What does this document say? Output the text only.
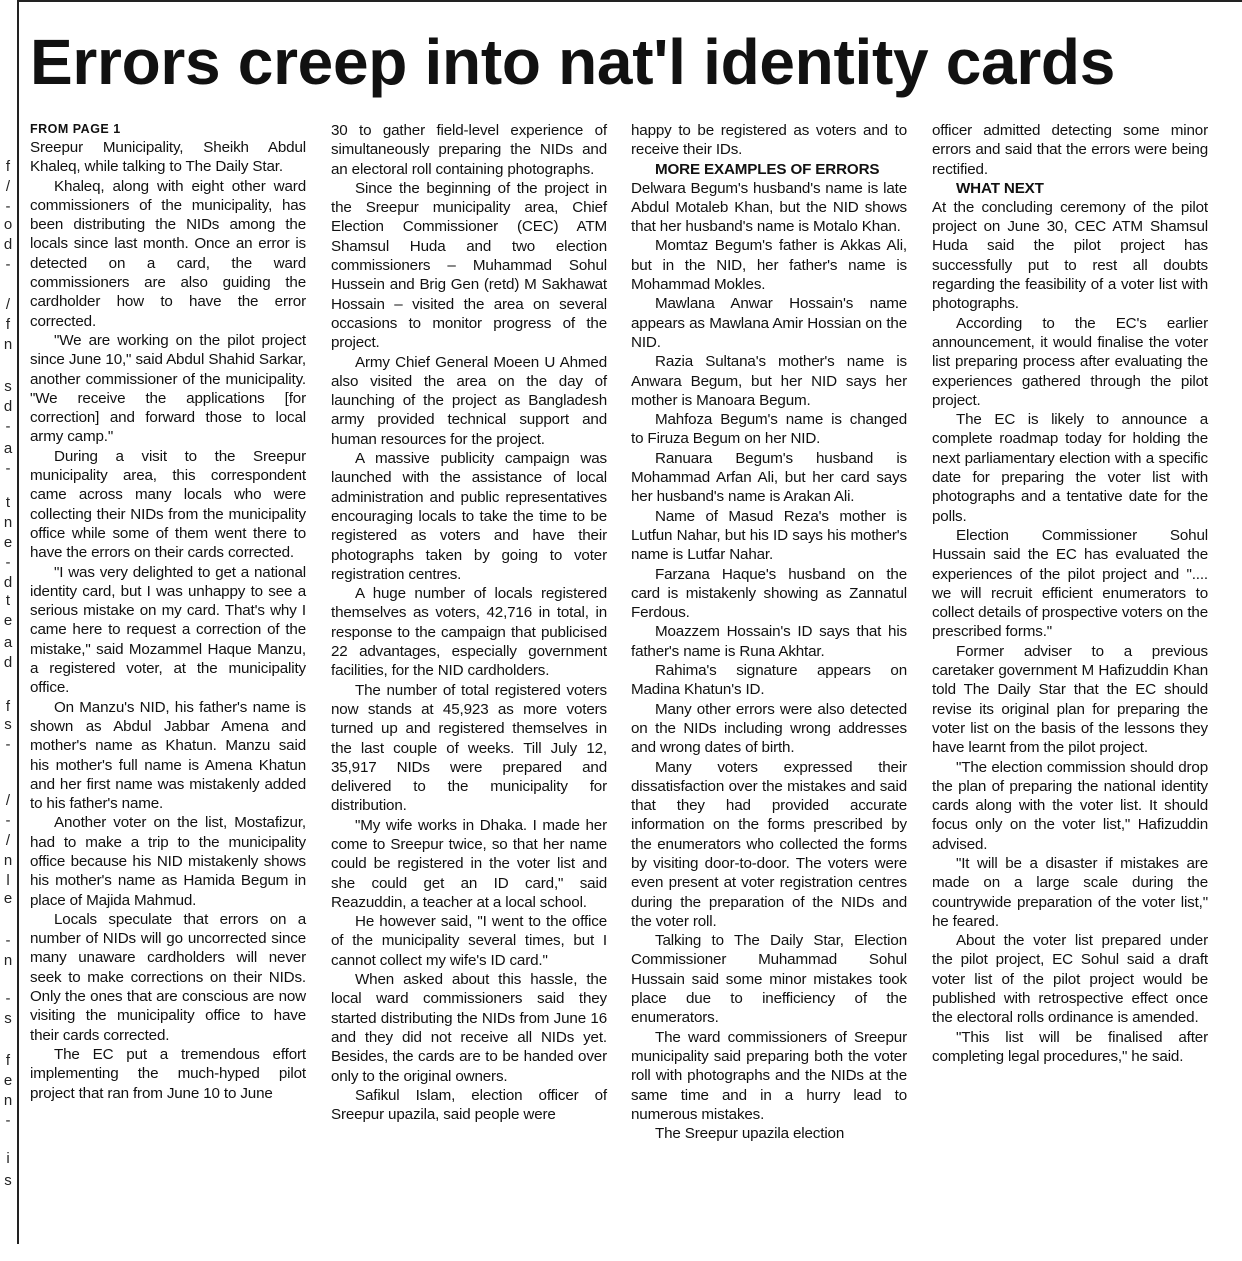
f
/
-
o
d
-
/
f
n
s
d
-
a
-
t
n
e
-
d
t
e
a
d
f
s
-
/
-
/
n
l
e
-
n
-
s
f
e
n
-
i
s
Errors creep into nat'l identity cards
FROM PAGE 1

Sreepur Municipality, Sheikh Abdul Khaleq, while talking to The Daily Star.

Khaleq, along with eight other ward commissioners of the municipality, has been distributing the NIDs among the locals since last month. Once an error is detected on a card, the ward commissioners are also guiding the cardholder how to have the error corrected.

"We are working on the pilot project since June 10," said Abdul Shahid Sarkar, another commissioner of the municipality. "We receive the applications [for correction] and forward those to local army camp."

During a visit to the Sreepur municipality area, this correspondent came across many locals who were collecting their NIDs from the municipality office while some of them went there to have the errors on their cards corrected.

"I was very delighted to get a national identity card, but I was unhappy to see a serious mistake on my card. That's why I came here to request a correction of the mistake," said Mozammel Haque Manzu, a registered voter, at the municipality office.

On Manzu's NID, his father's name is shown as Abdul Jabbar Amena and mother's name as Khatun. Manzu said his mother's full name is Amena Khatun and her first name was mistakenly added to his father's name.

Another voter on the list, Mostafizur, had to make a trip to the municipality office because his NID mistakenly shows his mother's name as Hamida Begum in place of Majida Mahmud.

Locals speculate that errors on a number of NIDs will go uncorrected since many unaware cardholders will never seek to make corrections on their NIDs. Only the ones that are conscious are now visiting the municipality office to have their cards corrected.

The EC put a tremendous effort implementing the much-hyped pilot project that ran from June 10 to June

30 to gather field-level experience of simultaneously preparing the NIDs and an electoral roll containing photographs.

Since the beginning of the project in the Sreepur municipality area, Chief Election Commissioner (CEC) ATM Shamsul Huda and two election commissioners – Muhammad Sohul Hussein and Brig Gen (retd) M Sakhawat Hossain – visited the area on several occasions to monitor progress of the project.

Army Chief General Moeen U Ahmed also visited the area on the day of launching of the project as Bangladesh army provided technical support and human resources for the project.

A massive publicity campaign was launched with the assistance of local administration and public representatives encouraging locals to take the time to be registered as voters and have their photographs taken by going to voter registration centres.

A huge number of locals registered themselves as voters, 42,716 in total, in response to the campaign that publicised 22 advantages, especially government facilities, for the NID cardholders.

The number of total registered voters now stands at 45,923 as more voters turned up and registered themselves in the last couple of weeks. Till July 12, 35,917 NIDs were prepared and delivered to the municipality for distribution.

"My wife works in Dhaka. I made her come to Sreepur twice, so that her name could be registered in the voter list and she could get an ID card," said Reazuddin, a teacher at a local school.

He however said, "I went to the office of the municipality several times, but I cannot collect my wife's ID card."

When asked about this hassle, the local ward commissioners said they started distributing the NIDs from June 16 and they did not receive all NIDs yet. Besides, the cards are to be handed over only to the original owners.

Safikul Islam, election officer of Sreepur upazila, said people were

happy to be registered as voters and to receive their IDs.

MORE EXAMPLES OF ERRORS

Delwara Begum's husband's name is late Abdul Motaleb Khan, but the NID shows that her husband's name is Motalo Khan.

Momtaz Begum's father is Akkas Ali, but in the NID, her father's name is Mohammad Mokles.

Mawlana Anwar Hossain's name appears as Mawlana Amir Hossian on the NID.

Razia Sultana's mother's name is Anwara Begum, but her NID says her mother is Manoara Begum.

Mahfoza Begum's name is changed to Firuza Begum on her NID.

Ranuara Begum's husband is Mohammad Arfan Ali, but her card says her husband's name is Arakan Ali.

Name of Masud Reza's mother is Lutfun Nahar, but his ID says his mother's name is Lutfar Nahar.

Farzana Haque's husband on the card is mistakenly showing as Zannatul Ferdous.

Moazzem Hossain's ID says that his father's name is Runa Akhtar.

Rahima's signature appears on Madina Khatun's ID.

Many other errors were also detected on the NIDs including wrong addresses and wrong dates of birth.

Many voters expressed their dissatisfaction over the mistakes and said that they had provided accurate information on the forms prescribed by the enumerators who collected the forms by visiting door-to-door. The voters were even present at voter registration centres during the preparation of the NIDs and the voter roll.

Talking to The Daily Star, Election Commissioner Muhammad Sohul Hussain said some minor mistakes took place due to inefficiency of the enumerators.

The ward commissioners of Sreepur municipality said preparing both the voter roll with photographs and the NIDs at the same time and in a hurry lead to numerous mistakes.

The Sreepur upazila election

officer admitted detecting some minor errors and said that the errors were being rectified.

WHAT NEXT

At the concluding ceremony of the pilot project on June 30, CEC ATM Shamsul Huda said the pilot project has successfully put to rest all doubts regarding the feasibility of a voter list with photographs.

According to the EC's earlier announcement, it would finalise the voter list preparing process after evaluating the experiences gathered through the pilot project.

The EC is likely to announce a complete roadmap today for holding the next parliamentary election with a specific date for preparing the voter list with photographs and a tentative date for the polls.

Election Commissioner Sohul Hussain said the EC has evaluated the experiences of the pilot project and ".... we will recruit efficient enumerators to collect details of prospective voters on the prescribed forms."

Former adviser to a previous caretaker government M Hafizuddin Khan told The Daily Star that the EC should revise its original plan for preparing the voter list on the basis of the lessons they have learnt from the pilot project.

"The election commission should drop the plan of preparing the national identity cards along with the voter list. It should focus only on the voter list," Hafizuddin advised.

"It will be a disaster if mistakes are made on a large scale during the countrywide preparation of the voter list," he feared.

About the voter list prepared under the pilot project, EC Sohul said a draft voter list of the pilot project would be published with retrospective effect once the electoral rolls ordinance is amended.

"This list will be finalised after completing legal procedures," he said.
